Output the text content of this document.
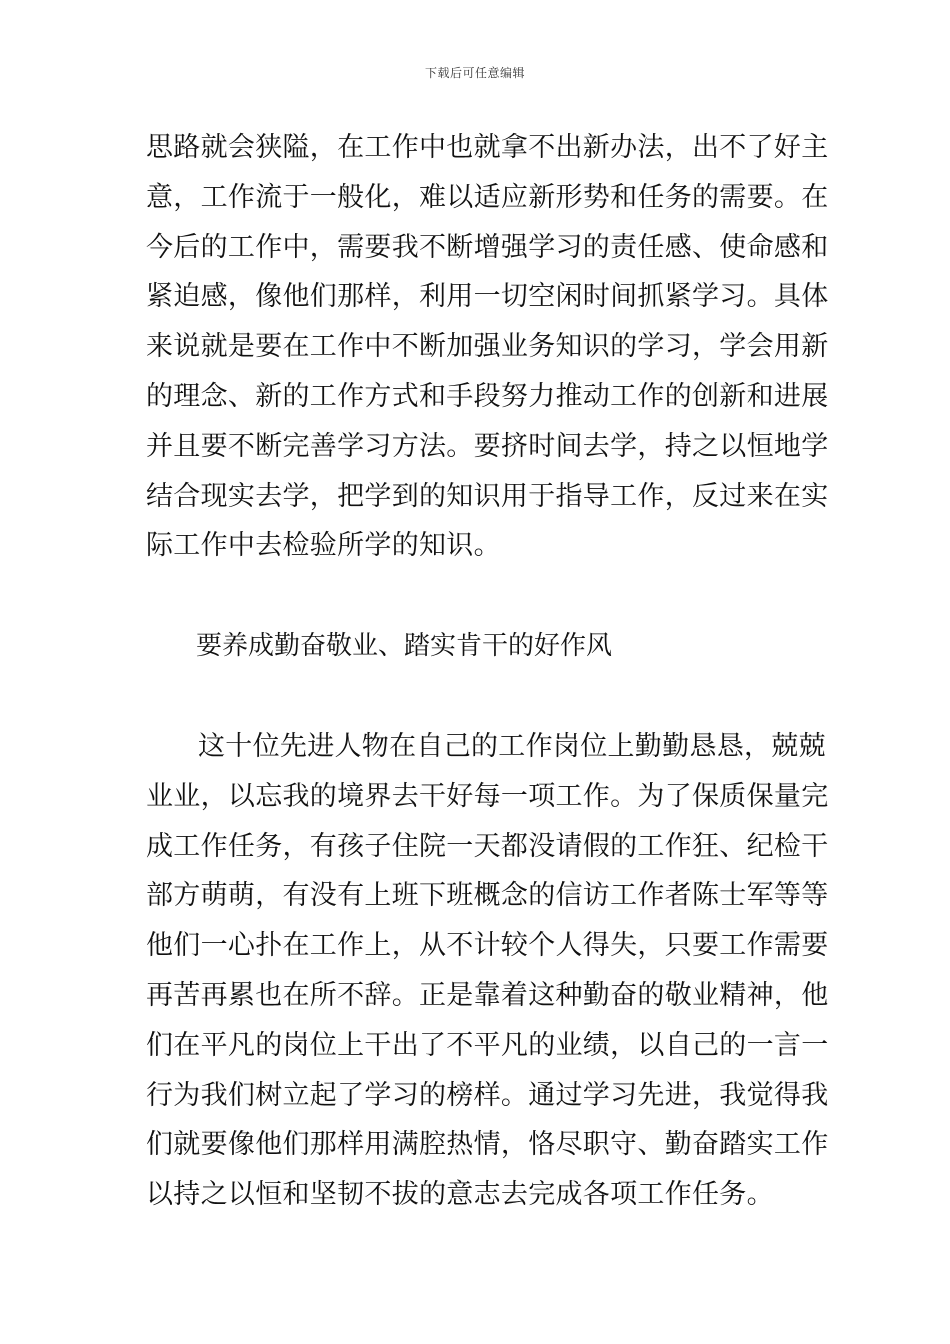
下载后可任意编辑
思路就会狭隘，在工作中也就拿不出新办法，出不了好主
意，工作流于一般化，难以适应新形势和任务的需要。在
今后的工作中，需要我不断增强学习的责任感、使命感和
紧迫感，像他们那样，利用一切空闲时间抓紧学习。具体
来说就是要在工作中不断加强业务知识的学习，学会用新
的理念、新的工作方式和手段努力推动工作的创新和进展
并且要不断完善学习方法。要挤时间去学，持之以恒地学
结合现实去学，把学到的知识用于指导工作，反过来在实
际工作中去检验所学的知识。
要养成勤奋敬业、踏实肯干的好作风
这十位先进人物在自己的工作岗位上勤勤恳恳，兢兢
业业，以忘我的境界去干好每一项工作。为了保质保量完
成工作任务，有孩子住院一天都没请假的工作狂、纪检干
部方萌萌，有没有上班下班概念的信访工作者陈士军等等
他们一心扑在工作上，从不计较个人得失，只要工作需要
再苦再累也在所不辞。正是靠着这种勤奋的敬业精神，他
们在平凡的岗位上干出了不平凡的业绩，以自己的一言一
行为我们树立起了学习的榜样。通过学习先进，我觉得我
们就要像他们那样用满腔热情，恪尽职守、勤奋踏实工作
以持之以恒和坚韧不拔的意志去完成各项工作任务。
